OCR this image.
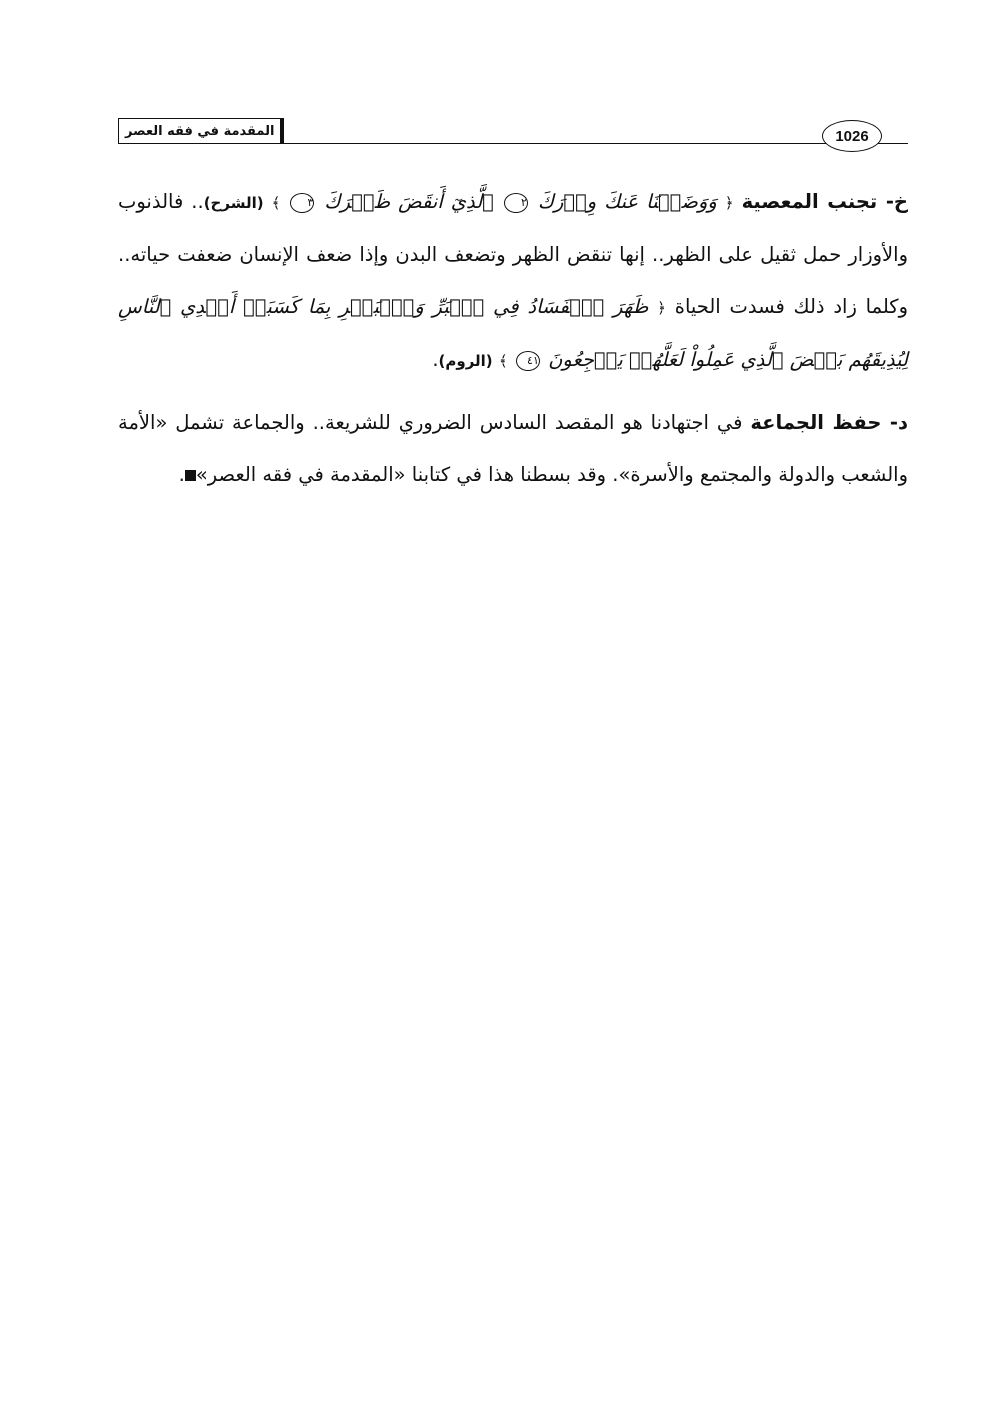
المقدمة في فقه العصر	1026

خ- تجنب المعصية ﴿ وَوَضَعۡنَا عَنكَ وِزۡرَكَ ٢ ٱلَّذِيٓ أَنقَضَ ظَهۡرَكَ ٣ ﴾ (الشرح).. فالذنوب والأوزار حمل ثقيل على الظهر.. إنها تنقض الظهر وتضعف البدن وإذا ضعف الإنسان ضعفت حياته.. وكلما زاد ذلك فسدت الحياة ﴿ ظَهَرَ ٱلۡفَسَادُ فِي ٱلۡبَرِّ وَٱلۡبَحۡرِ بِمَا كَسَبَتۡ أَيۡدِي ٱلنَّاسِ لِيُذِيقَهُم بَعۡضَ ٱلَّذِي عَمِلُواْ لَعَلَّهُمۡ يَرۡجِعُونَ ٤١ ﴾ (الروم).

د- حفظ الجماعة في اجتهادنا هو المقصد السادس الضروري للشريعة.. والجماعة تشمل «الأمة والشعب والدولة والمجتمع والأسرة». وقد بسطنا هذا في كتابنا «المقدمة في فقه العصر».
